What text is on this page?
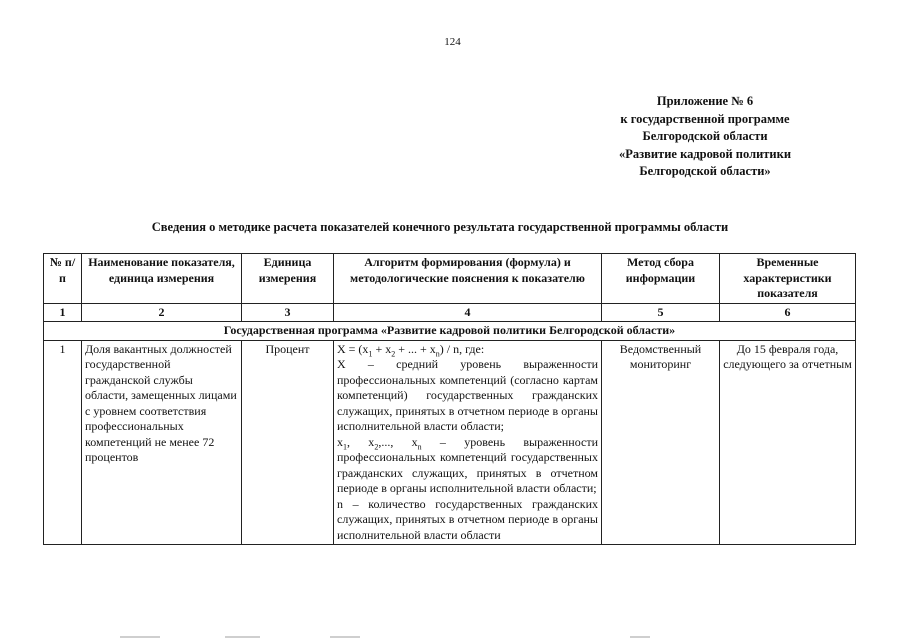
124
Приложение № 6
к государственной программе
Белгородской области
«Развитие кадровой политики
Белгородской области»
Сведения о методике расчета показателей конечного результата государственной программы области
№ п/п	Наименование показателя, единица измерения	Единица измерения	Алгоритм формирования (формула) и методологические пояснения к показателю	Метод сбора информации	Временные характеристики показателя
1	2	3	4	5	6
Государственная программа «Развитие кадровой политики Белгородской области»					
1	Доля вакантных должностей государственной гражданской службы области, замещенных лицами с уровнем соответствия профессиональных компетенций не менее 72 процентов	Процент	$X = (x_1 + x_2$ + ... + $x_n$) / n, где:

X – средний уровень выраженности профессиональных компетенций (согласно картам компетенций) государственных гражданских служащих, принятых в отчетном периоде в органы исполнительной власти области;

$x_1$, $x_2$,..., $x_n$ – уровень выраженности профессиональных компетенций государственных гражданских служащих, принятых в отчетном периоде в органы исполнительной власти области;

n – количество государственных гражданских служащих, принятых в отчетном периоде в органы исполнительной власти области	Ведомственный мониторинг	До 15 февраля года, следующего за отчетным
